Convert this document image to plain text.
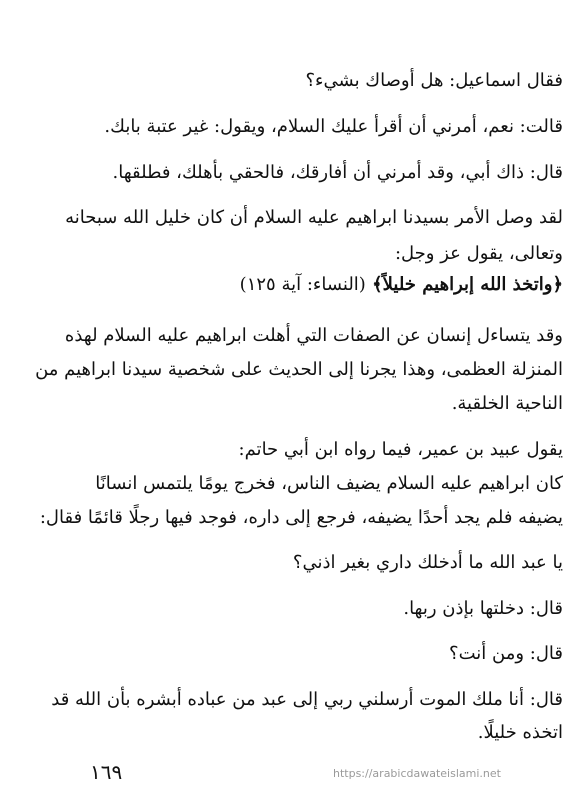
فقال اسماعيل: هل أوصاك بشيء؟
قالت: نعم، أمرني أن أقرأ عليك السلام، ويقول: غير عتبة بابك.
قال: ذاك أبي، وقد أمرني أن أفارقك، فالحقي بأهلك، فطلقها.
لقد وصل الأمر بسيدنا ابراهيم عليه السلام أن كان خليل الله سبحانه
وتعالى، يقول عز وجل:
﴿واتخذ الله إبراهيم خليلاً﴾ (النساء: آية ١٢٥)
وقد يتساءل إنسان عن الصفات التي أهلت ابراهيم عليه السلام لهذه
المنزلة العظمى، وهذا يجرنا إلى الحديث على شخصية سيدنا ابراهيم من
الناحية الخلقية.
يقول عبيد بن عمير، فيما رواه ابن أبي حاتم:
كان ابراهيم عليه السلام يضيف الناس، فخرج يومًا يلتمس انسانًا
يضيفه فلم يجد أحدًا يضيفه، فرجع إلى داره، فوجد فيها رجلًا قائمًا فقال:
يا عبد الله ما أدخلك داري بغير اذني؟
قال: دخلتها بإذن ربها.
قال: ومن أنت؟
قال: أنا ملك الموت أرسلني ربي إلى عبد من عباده أبشره بأن الله قد
اتخذه خليلًا.
١٦٩	https://arabicdawateislami.net
